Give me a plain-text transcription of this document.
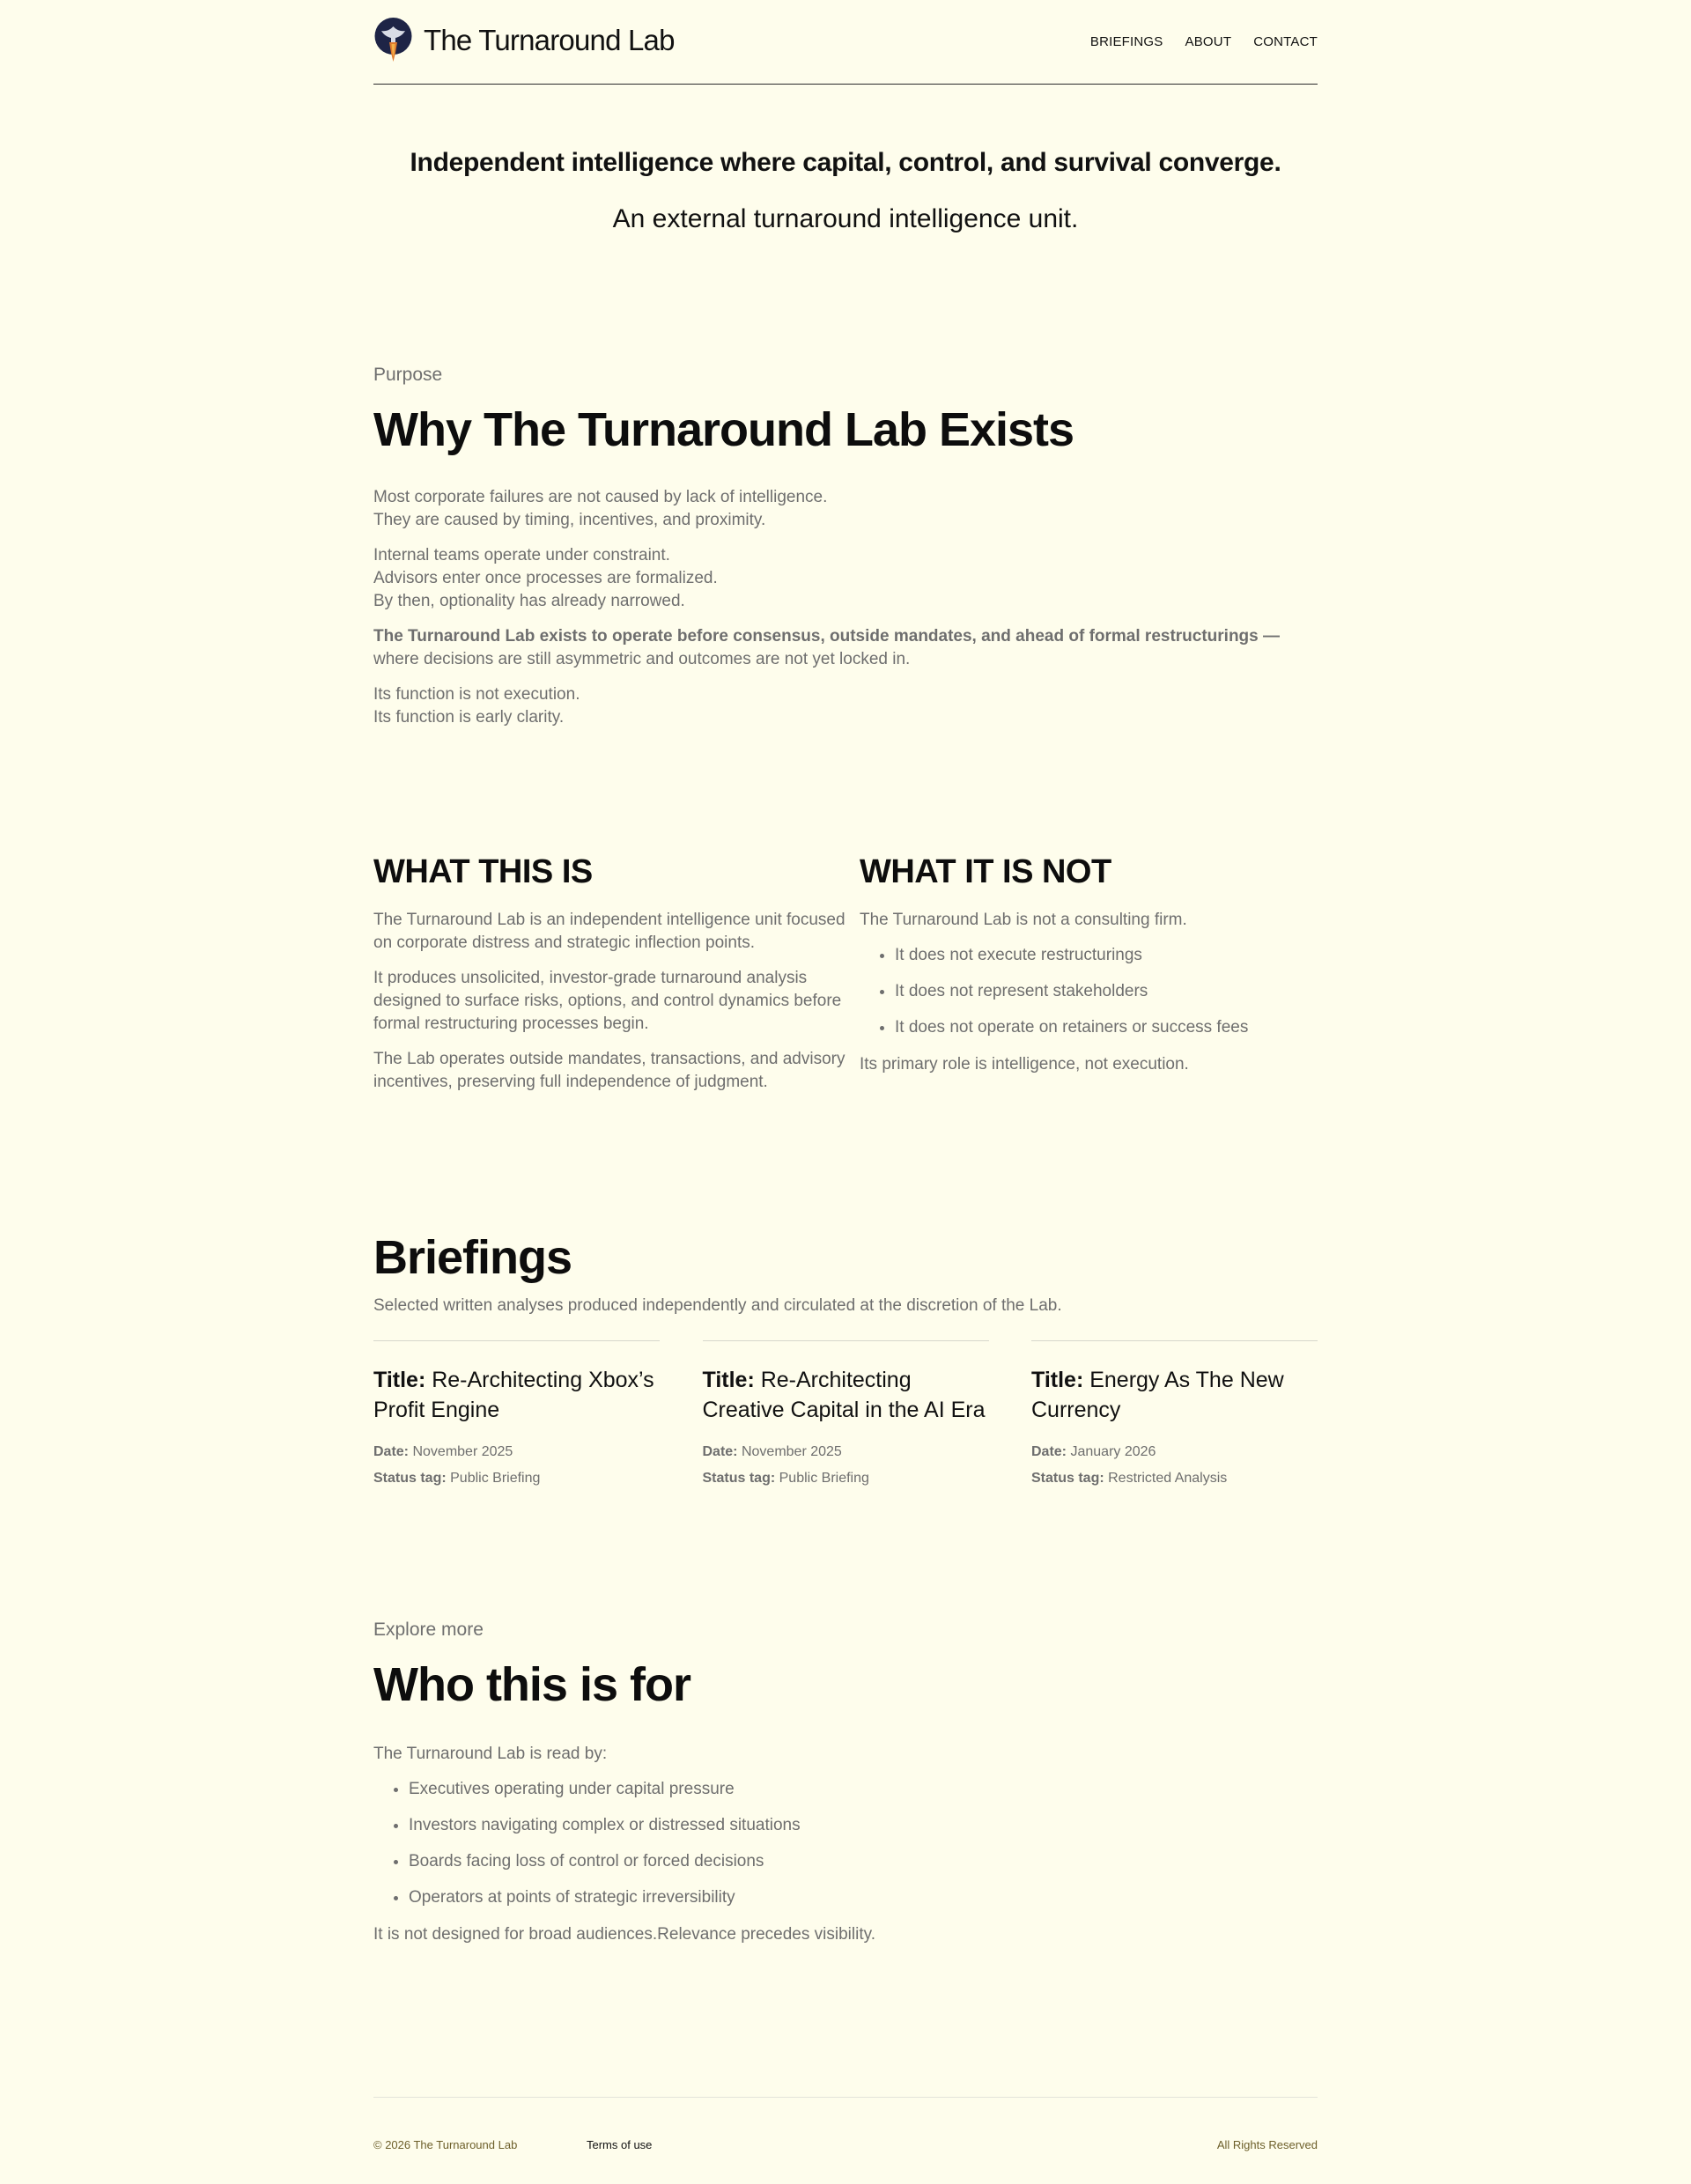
The Turnaround Lab	BRIEFINGS ABOUT CONTACT
Independent intelligence where capital, control, and survival converge.
An external turnaround intelligence unit.
Purpose
Why The Turnaround Lab Exists

Most corporate failures are not caused by lack of intelligence.
They are caused by timing, incentives, and proximity.

Internal teams operate under constraint.
Advisors enter once processes are formalized.
By then, optionality has already narrowed.

The Turnaround Lab exists to operate before consensus, outside mandates, and ahead of formal restructurings — where decisions are still asymmetric and outcomes are not yet locked in.

Its function is not execution.
Its function is early clarity.

WHAT THIS IS

The Turnaround Lab is an independent intelligence unit focused on corporate distress and strategic inflection points.

It produces unsolicited, investor-grade turnaround analysis designed to surface risks, options, and control dynamics before formal restructuring processes begin.

The Lab operates outside mandates, transactions, and advisory incentives, preserving full independence of judgment.

WHAT IT IS NOT

The Turnaround Lab is not a consulting firm.

• It does not execute restructurings
• It does not represent stakeholders
• It does not operate on retainers or success fees

Its primary role is intelligence, not execution.

Briefings
Selected written analyses produced independently and circulated at the discretion of the Lab.
Title: Re-Architecting Xbox’s Profit Engine
Date: November 2025
Status tag: Public Briefing
Title: Re-Architecting Creative Capital in the AI Era
Date: November 2025
Status tag: Public Briefing
Title: Energy As The New Currency
Date: January 2026
Status tag: Restricted Analysis
Explore more
Who this is for

The Turnaround Lab is read by:

• Executives operating under capital pressure
• Investors navigating complex or distressed situations
• Boards facing loss of control or forced decisions
• Operators at points of strategic irreversibility

It is not designed for broad audiences.Relevance precedes visibility.

© 2026 The Turnaround Lab	Terms of use	All Rights Reserved
